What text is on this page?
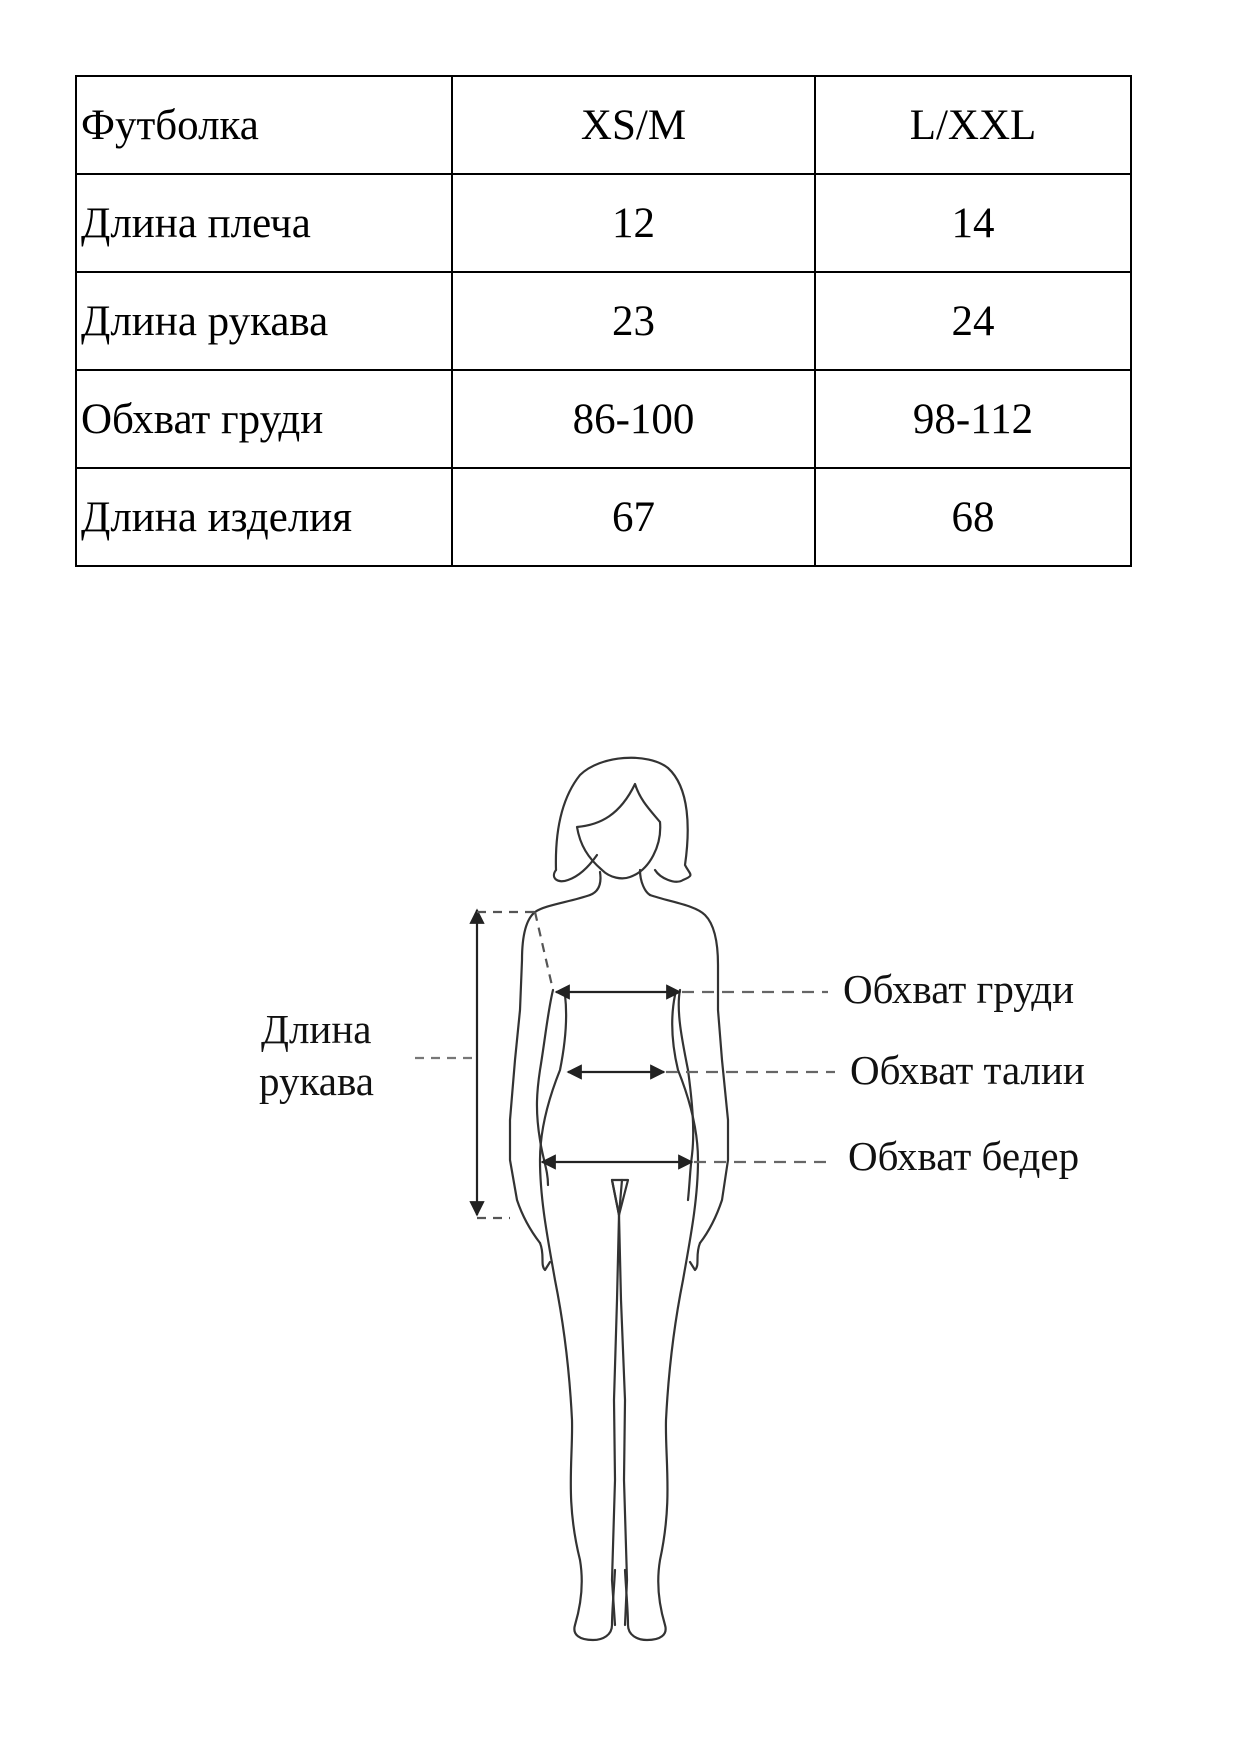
Футболка	XS/M	L/XXL
Длина плеча	12	14
Длина рукава	23	24
Обхват груди	86-100	98-112
Длина изделия	67	68
Длина
рукава
Обхват груди
Обхват талии
Обхват бедер
